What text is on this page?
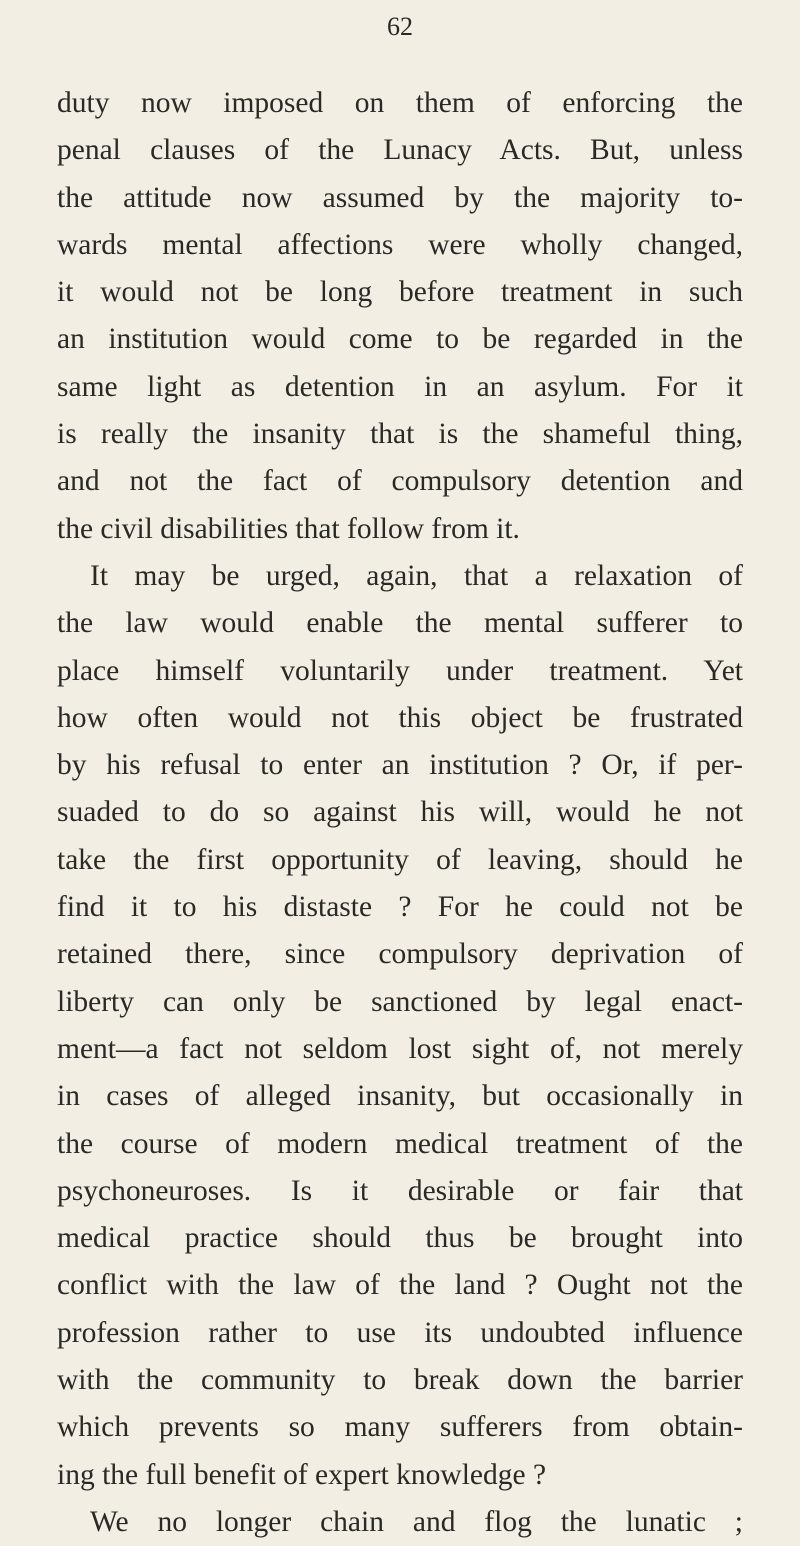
62
duty now imposed on them of enforcing the
penal clauses of the Lunacy Acts. But, unless
the attitude now assumed by the majority to-
wards mental affections were wholly changed,
it would not be long before treatment in such
an institution would come to be regarded in the
same light as detention in an asylum. For it
is really the insanity that is the shameful thing,
and not the fact of compulsory detention and
the civil disabilities that follow from it.
It may be urged, again, that a relaxation of
the law would enable the mental sufferer to
place himself voluntarily under treatment. Yet
how often would not this object be frustrated
by his refusal to enter an institution ? Or, if per-
suaded to do so against his will, would he not
take the first opportunity of leaving, should he
find it to his distaste ? For he could not be
retained there, since compulsory deprivation of
liberty can only be sanctioned by legal enact-
ment—a fact not seldom lost sight of, not merely
in cases of alleged insanity, but occasionally in
the course of modern medical treatment of the
psychoneuroses. Is it desirable or fair that
medical practice should thus be brought into
conflict with the law of the land ? Ought not the
profession rather to use its undoubted influence
with the community to break down the barrier
which prevents so many sufferers from obtain-
ing the full benefit of expert knowledge ?
We no longer chain and flog the lunatic ;
